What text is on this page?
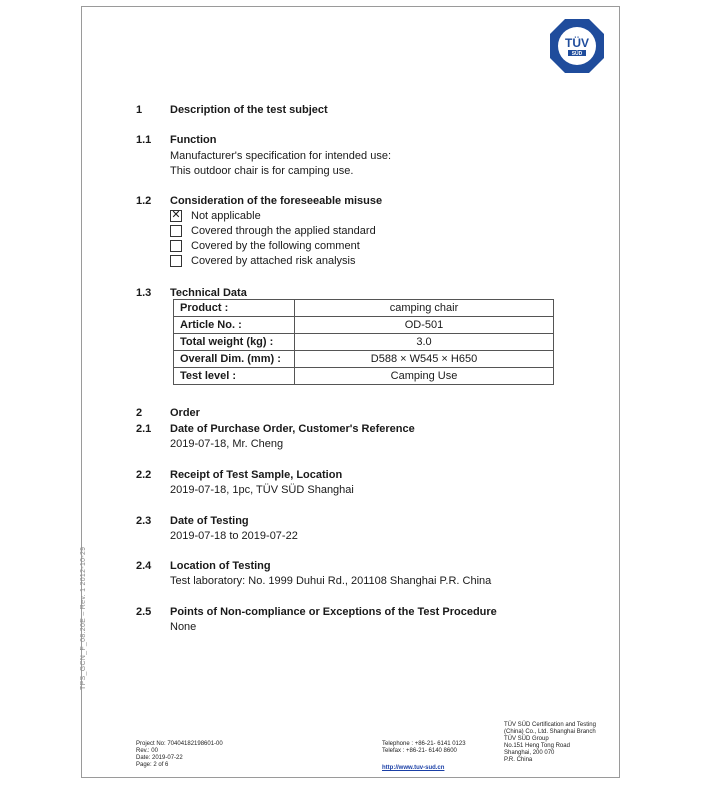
TÜV
SÜD
1	Description of the test subject
1.1 Function
Manufacturer's specification for intended use:
This outdoor chair is for camping use.
1.2 Consideration of the foreseeable misuse
✕ Not applicable
Covered through the applied standard
Covered by the following comment
Covered by attached risk analysis
1.3 Technical Data
Product :	camping chair
Article No. :	OD-501
Total weight (kg) :	3.0
Overall Dim. (mm) :	D588 × W545 × H650
Test level :	Camping Use
2	Order
2.1 Date of Purchase Order, Customer's Reference
2019-07-18, Mr. Cheng
2.2 Receipt of Test Sample, Location
2019-07-18, 1pc, TÜV SÜD Shanghai
2.3 Date of Testing
2019-07-18 to 2019-07-22
2.4 Location of Testing
Test laboratory: No. 1999 Duhui Rd., 201108 Shanghai P.R. China
2.5 Points of Non-compliance or Exceptions of the Test Procedure
None
TPS_GCN_F_08.20E – Rev. 1 2012-10-29
Project No: 70404182198601-00
Rev.: 00
Date: 2019-07-22
Page: 2 of 6
Telephone : +86-21- 6141 0123
Telefax : +86-21- 6140 8600
http://www.tuv-sud.cn
TÜV SÜD Certification and Testing
(China) Co., Ltd. Shanghai Branch
TÜV SÜD Group
No.151 Heng Tong Road
Shanghai, 200 070
P.R. China
